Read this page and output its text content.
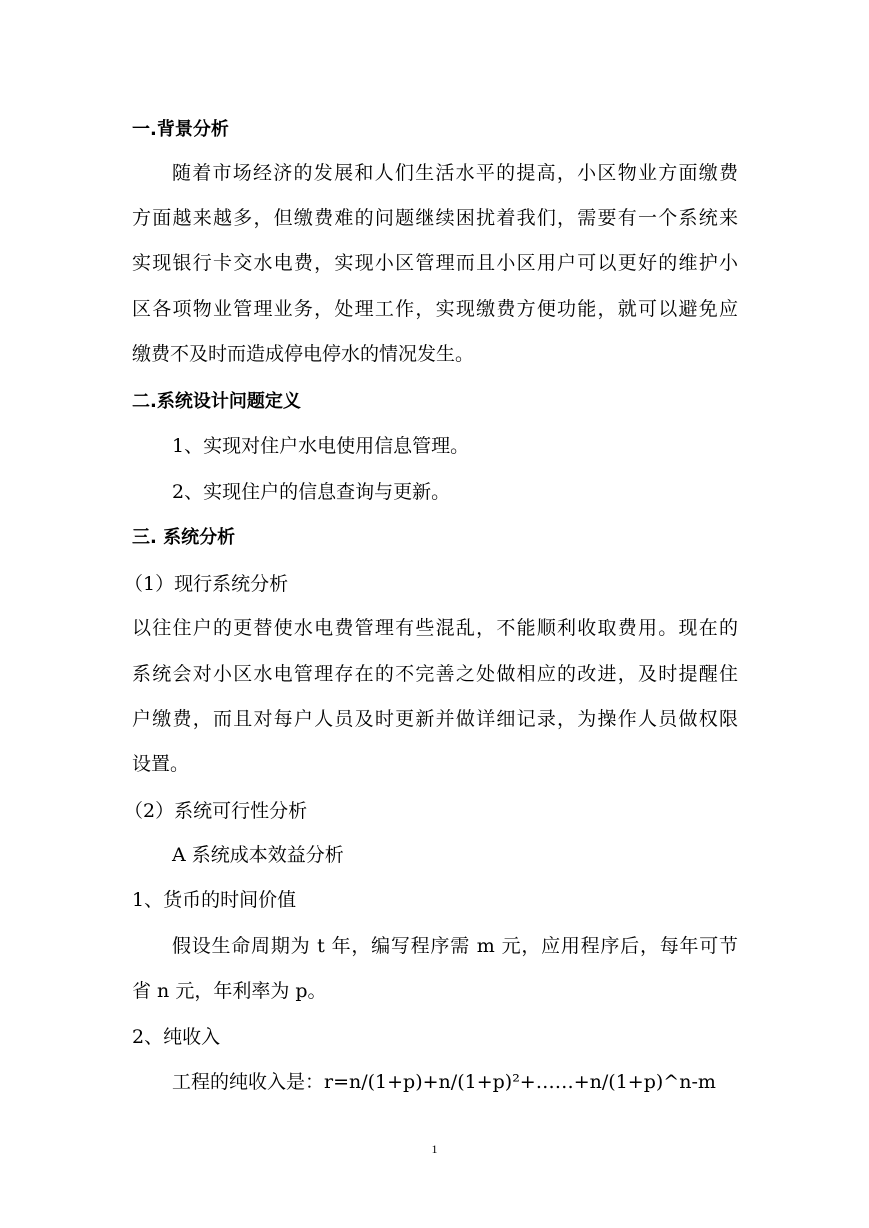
一.背景分析

随着市场经济的发展和人们生活水平的提高，小区物业方面缴费

方面越来越多，但缴费难的问题继续困扰着我们，需要有一个系统来

实现银行卡交水电费，实现小区管理而且小区用户可以更好的维护小

区各项物业管理业务，处理工作，实现缴费方便功能，就可以避免应

缴费不及时而造成停电停水的情况发生。

二.系统设计问题定义

1、实现对住户水电使用信息管理。

2、实现住户的信息查询与更新。

三. 系统分析

（1）现行系统分析

以往住户的更替使水电费管理有些混乱，不能顺利收取费用。现在的

系统会对小区水电管理存在的不完善之处做相应的改进，及时提醒住

户缴费，而且对每户人员及时更新并做详细记录，为操作人员做权限

设置。

（2）系统可行性分析

A 系统成本效益分析

1、货币的时间价值

假设生命周期为 t 年，编写程序需 m 元，应用程序后，每年可节

省 n 元，年利率为 p。

2、纯收入

工程的纯收入是：r=n/(1+p)+n/(1+p)²+……+n/(1+p)^n-m

1
